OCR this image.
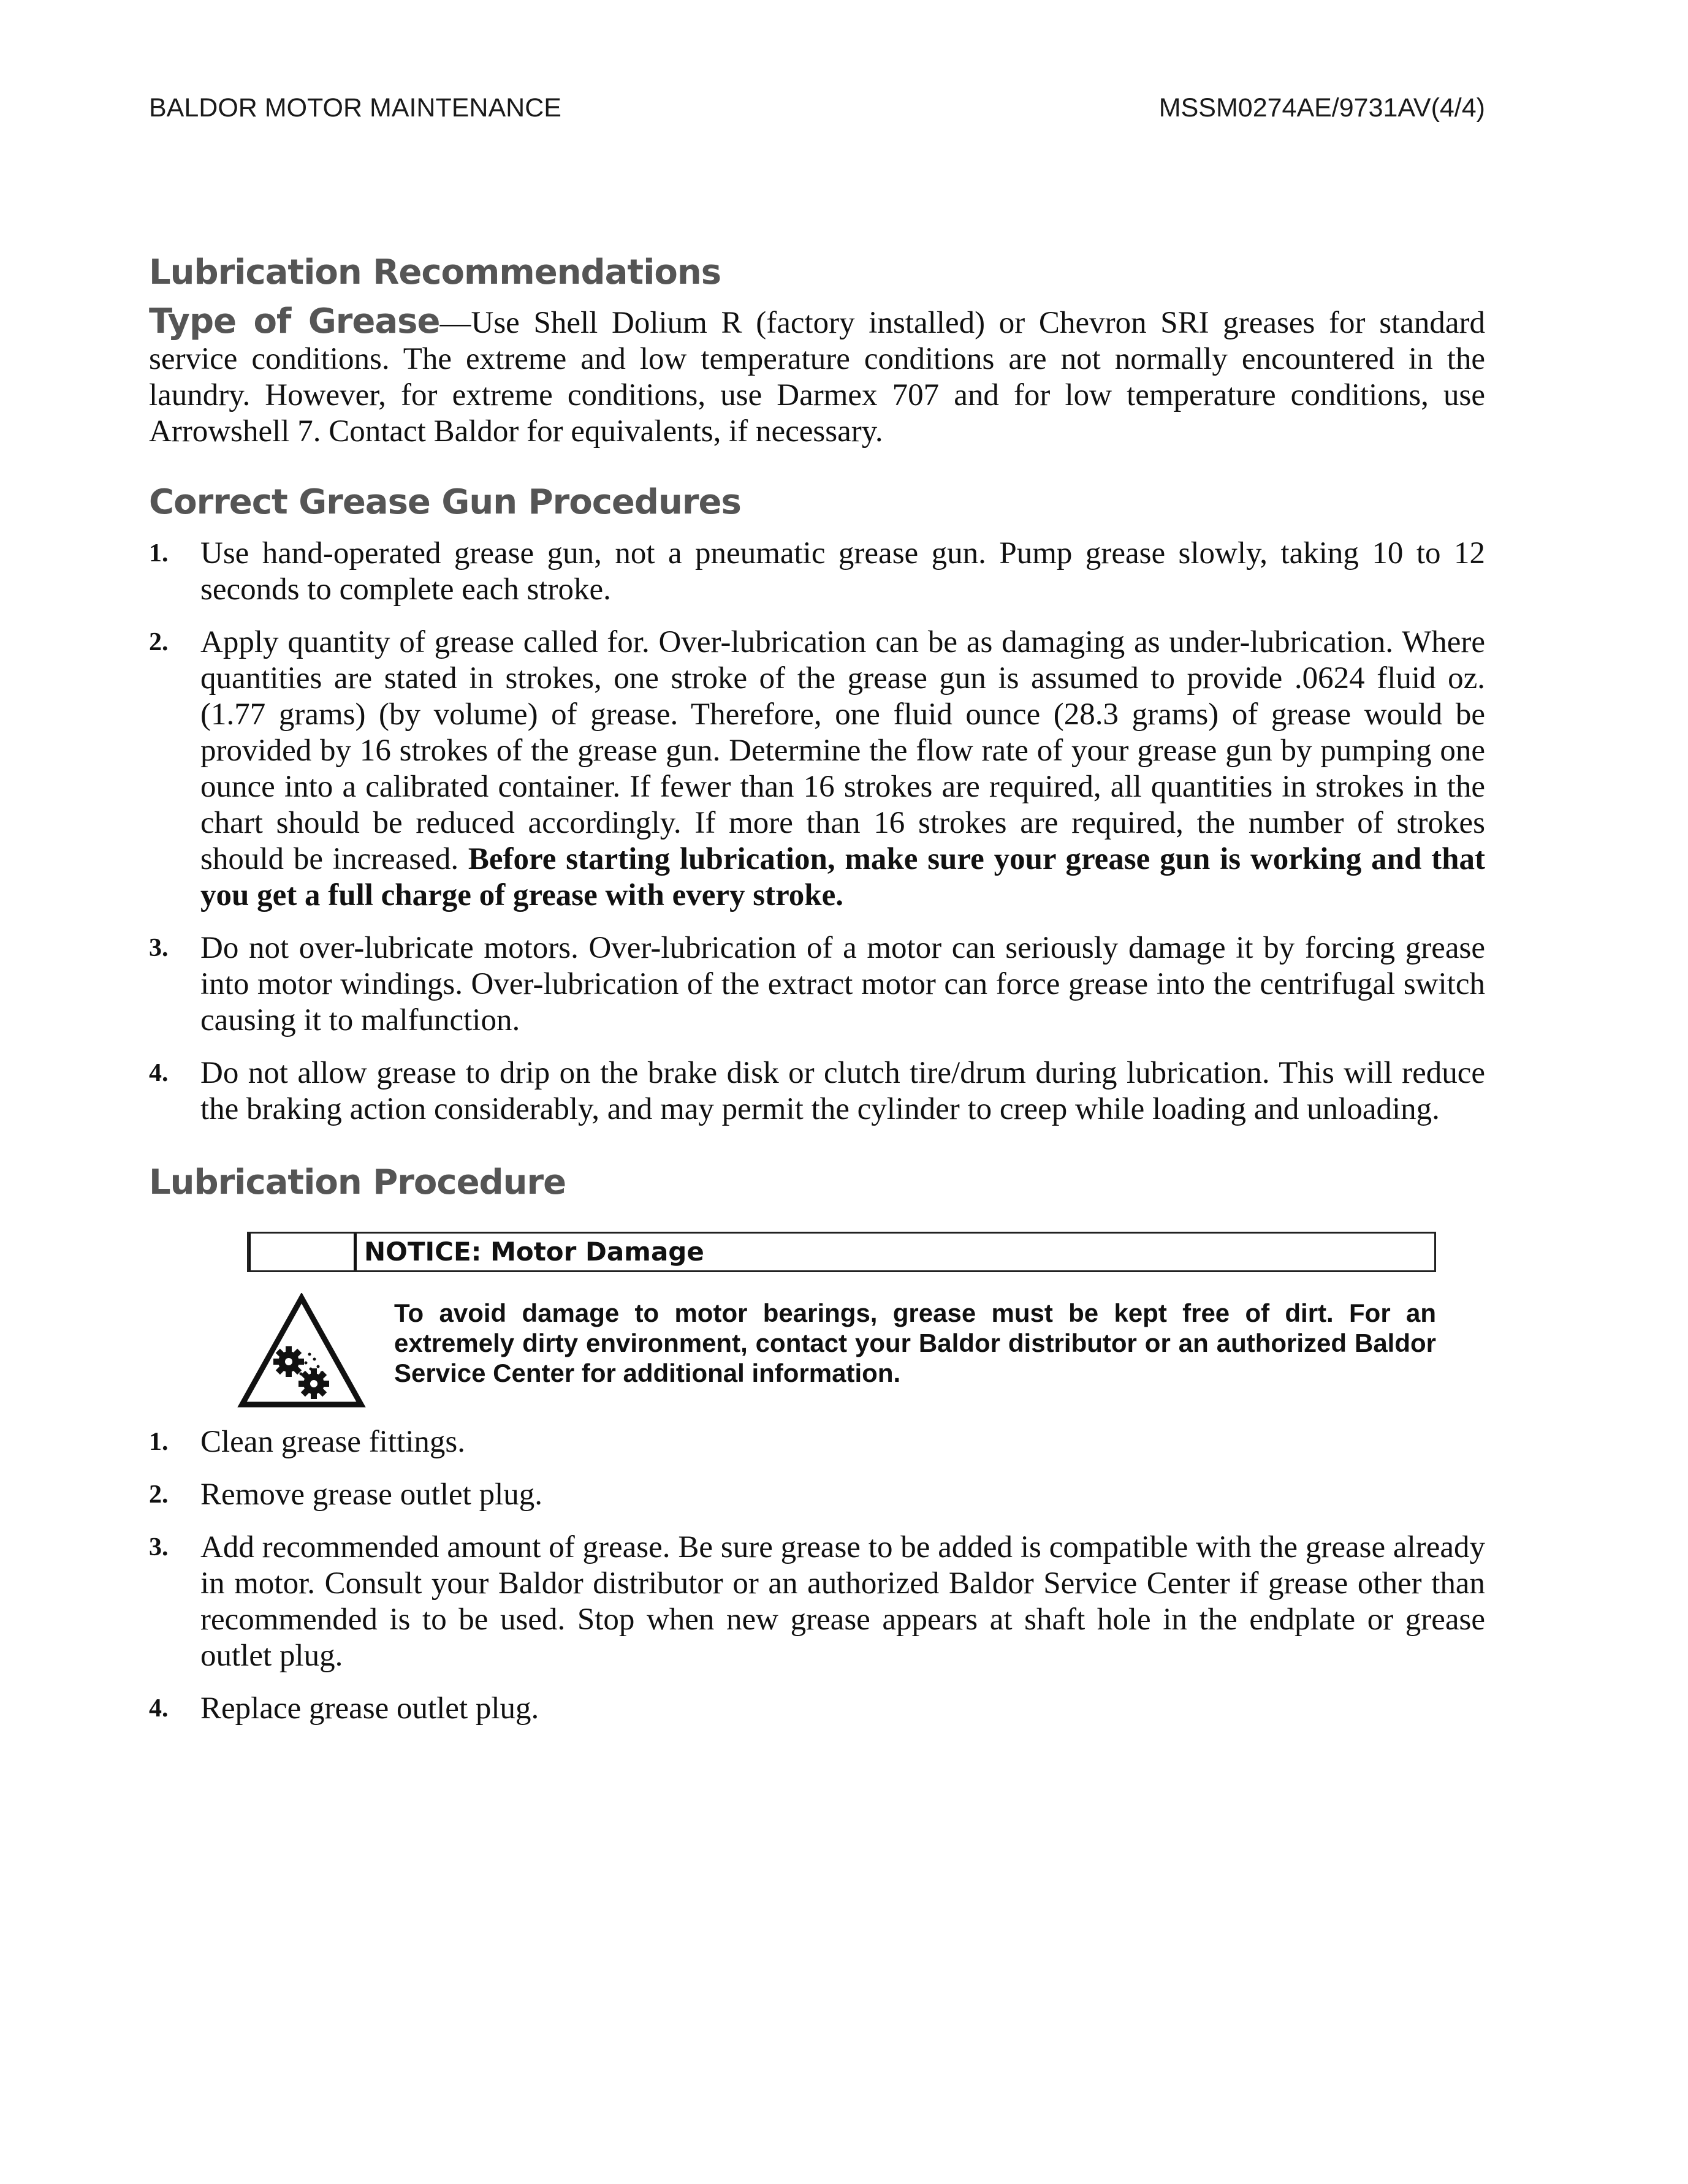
BALDOR MOTOR MAINTENANCE	MSSM0274AE/9731AV(4/4)
Lubrication Recommendations

Type of Grease—Use Shell Dolium R (factory installed) or Chevron SRI greases for standard service conditions. The extreme and low temperature conditions are not normally encountered in the laundry. However, for extreme conditions, use Darmex 707 and for low temperature conditions, use Arrowshell 7. Contact Baldor for equivalents, if necessary.

Correct Grease Gun Procedures
1. Use hand-operated grease gun, not a pneumatic grease gun. Pump grease slowly, taking 10 to 12 seconds to complete each stroke.
2. Apply quantity of grease called for. Over-lubrication can be as damaging as under-lubrication. Where quantities are stated in strokes, one stroke of the grease gun is assumed to provide .0624 fluid oz. (1.77 grams) (by volume) of grease. Therefore, one fluid ounce (28.3 grams) of grease would be provided by 16 strokes of the grease gun. Determine the flow rate of your grease gun by pumping one ounce into a calibrated container. If fewer than 16 strokes are required, all quantities in strokes in the chart should be reduced accordingly. If more than 16 strokes are required, the number of strokes should be increased. Before starting lubrication, make sure your grease gun is working and that you get a full charge of grease with every stroke.
3. Do not over-lubricate motors. Over-lubrication of a motor can seriously damage it by forcing grease into motor windings. Over-lubrication of the extract motor can force grease into the centrifugal switch causing it to malfunction.
4. Do not allow grease to drip on the brake disk or clutch tire/drum during lubrication. This will reduce the braking action considerably, and may permit the cylinder to creep while loading and unloading.
Lubrication Procedure
NOTICE: Motor Damage
To avoid damage to motor bearings, grease must be kept free of dirt. For an extremely dirty environment, contact your Baldor distributor or an authorized Baldor Service Center for additional information.
1. Clean grease fittings.
2. Remove grease outlet plug.
3. Add recommended amount of grease. Be sure grease to be added is compatible with the grease already in motor. Consult your Baldor distributor or an authorized Baldor Service Center if grease other than recommended is to be used. Stop when new grease appears at shaft hole in the endplate or grease outlet plug.
4. Replace grease outlet plug.
